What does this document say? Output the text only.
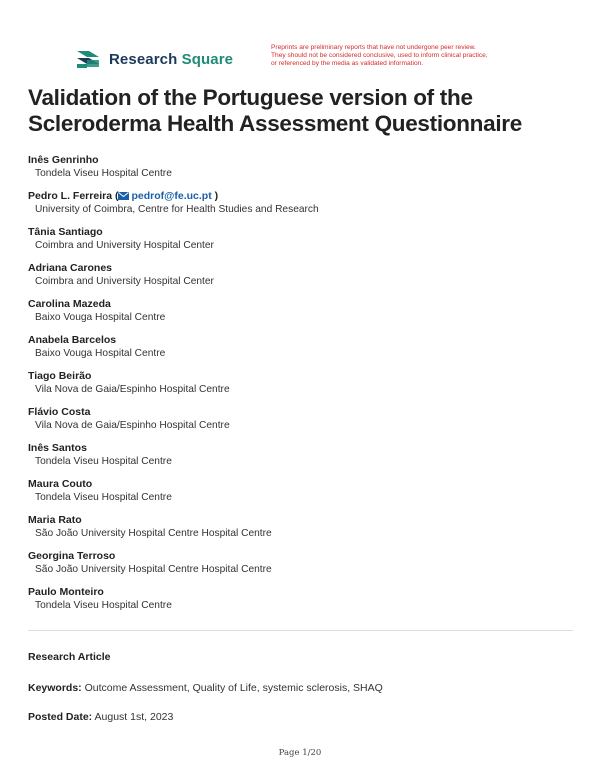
Research Square
Preprints are preliminary reports that have not undergone peer review.
They should not be considered conclusive, used to inform clinical practice,
or referenced by the media as validated information.
Validation of the Portuguese version of the Scleroderma Health Assessment Questionnaire
Inês Genrinho
Tondela Viseu Hospital Centre
Pedro L. Ferreira ( pedrof@fe.uc.pt )
University of Coimbra, Centre for Health Studies and Research
Tânia Santiago
Coimbra and University Hospital Center
Adriana Carones
Coimbra and University Hospital Center
Carolina Mazeda
Baixo Vouga Hospital Centre
Anabela Barcelos
Baixo Vouga Hospital Centre
Tiago Beirão
Vila Nova de Gaia/Espinho Hospital Centre
Flávio Costa
Vila Nova de Gaia/Espinho Hospital Centre
Inês Santos
Tondela Viseu Hospital Centre
Maura Couto
Tondela Viseu Hospital Centre
Maria Rato
São João University Hospital Centre Hospital Centre
Georgina Terroso
São João University Hospital Centre Hospital Centre
Paulo Monteiro
Tondela Viseu Hospital Centre
Research Article
Keywords: Outcome Assessment, Quality of Life, systemic sclerosis, SHAQ
Posted Date: August 1st, 2023
Page 1/20
